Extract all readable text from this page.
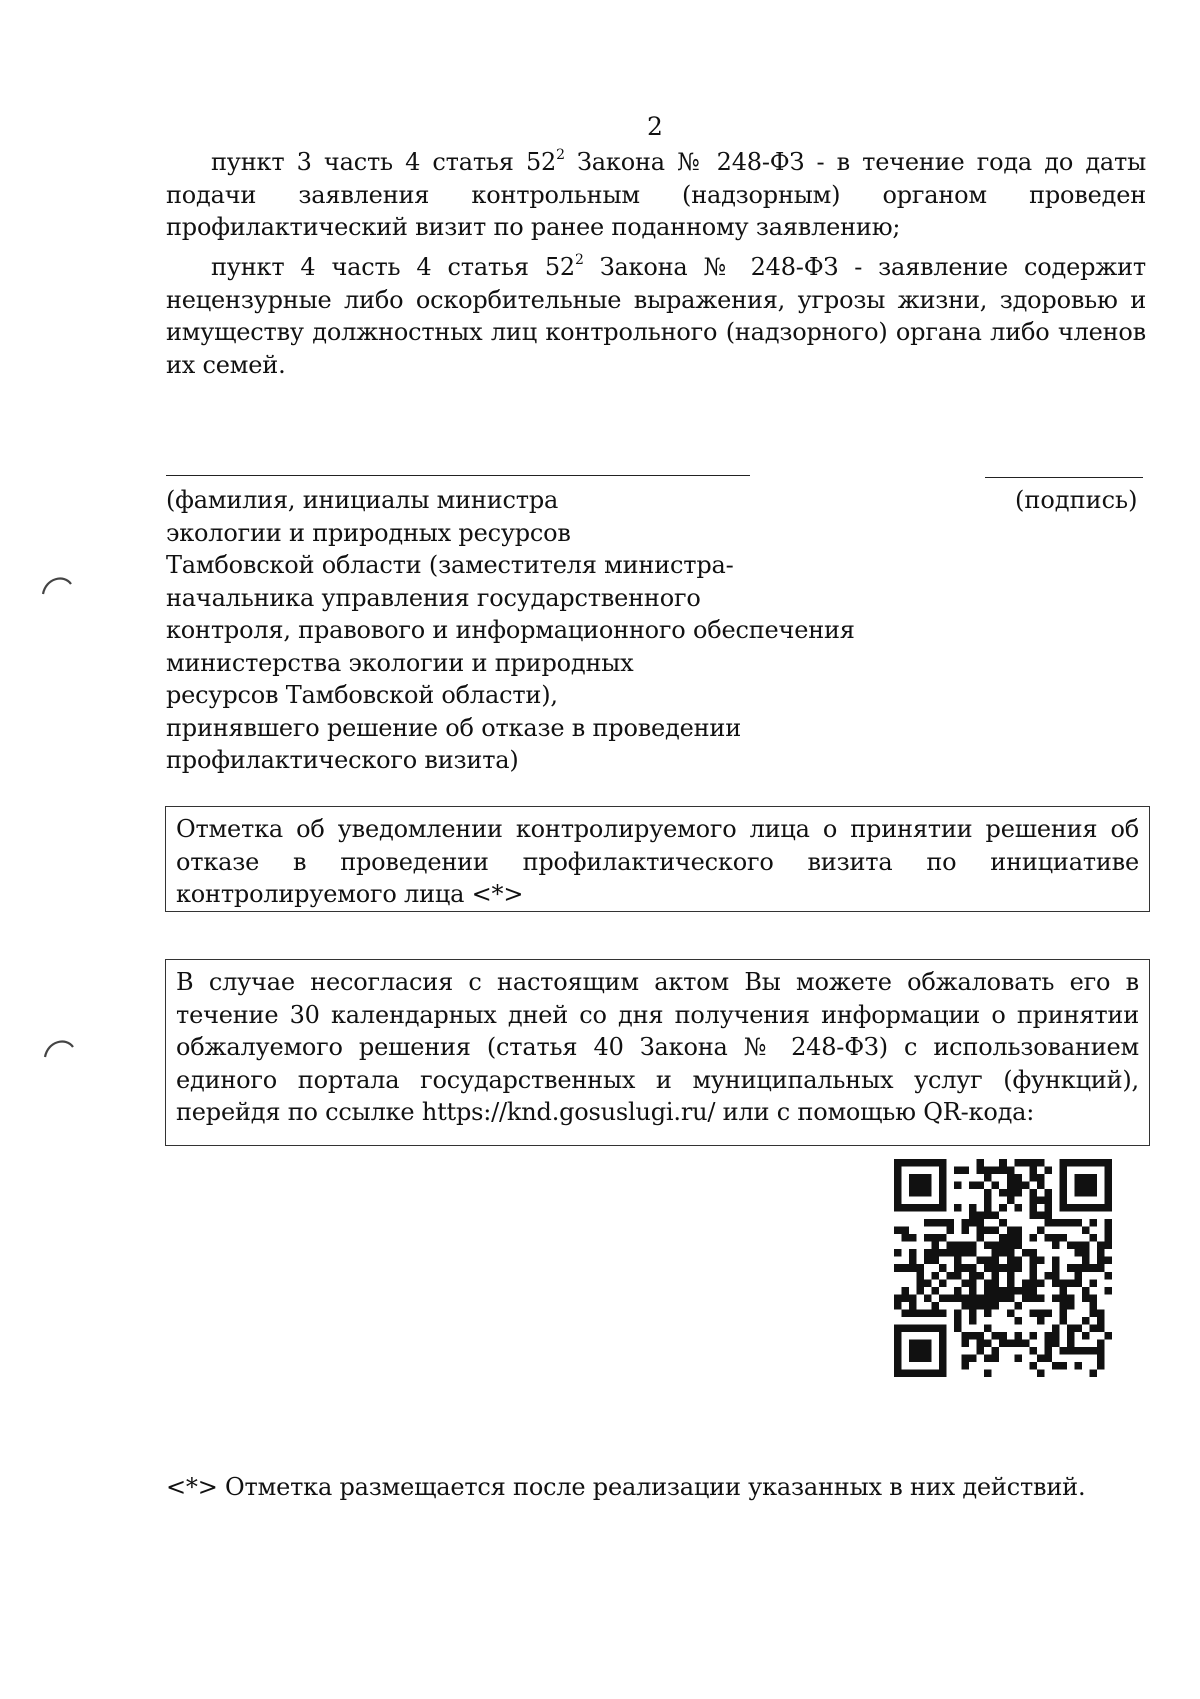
2
пункт 3 часть 4 статья $52^2$ Закона № 248-ФЗ - в течение года до даты подачи заявления контрольным (надзорным) органом проведен профилактический визит по ранее поданному заявлению;
пункт 4 часть 4 статья $52^2$ Закона № 248-ФЗ - заявление содержит нецензурные либо оскорбительные выражения, угрозы жизни, здоровью и имуществу должностных лиц контрольного (надзорного) органа либо членов их семей.
(фамилия, инициалы министра
экологии и природных ресурсов
Тамбовской области (заместителя министра-
начальника управления государственного
контроля, правового и информационного обеспечения
министерства экологии и природных
ресурсов Тамбовской области),
принявшего решение об отказе в проведении
профилактического визита)
(подпись)
Отметка об уведомлении контролируемого лица о принятии решения об отказе в проведении профилактического визита по инициативе контролируемого лица <*>
В случае несогласия с настоящим актом Вы можете обжаловать его в течение 30 календарных дней со дня получения информации о принятии обжалуемого решения (статья 40 Закона № 248-ФЗ) с использованием единого портала государственных и муниципальных услуг (функций), перейдя по ссылке https://knd.gosuslugi.ru/ или с помощью QR-кода:
<*> Отметка размещается после реализации указанных в них действий.
